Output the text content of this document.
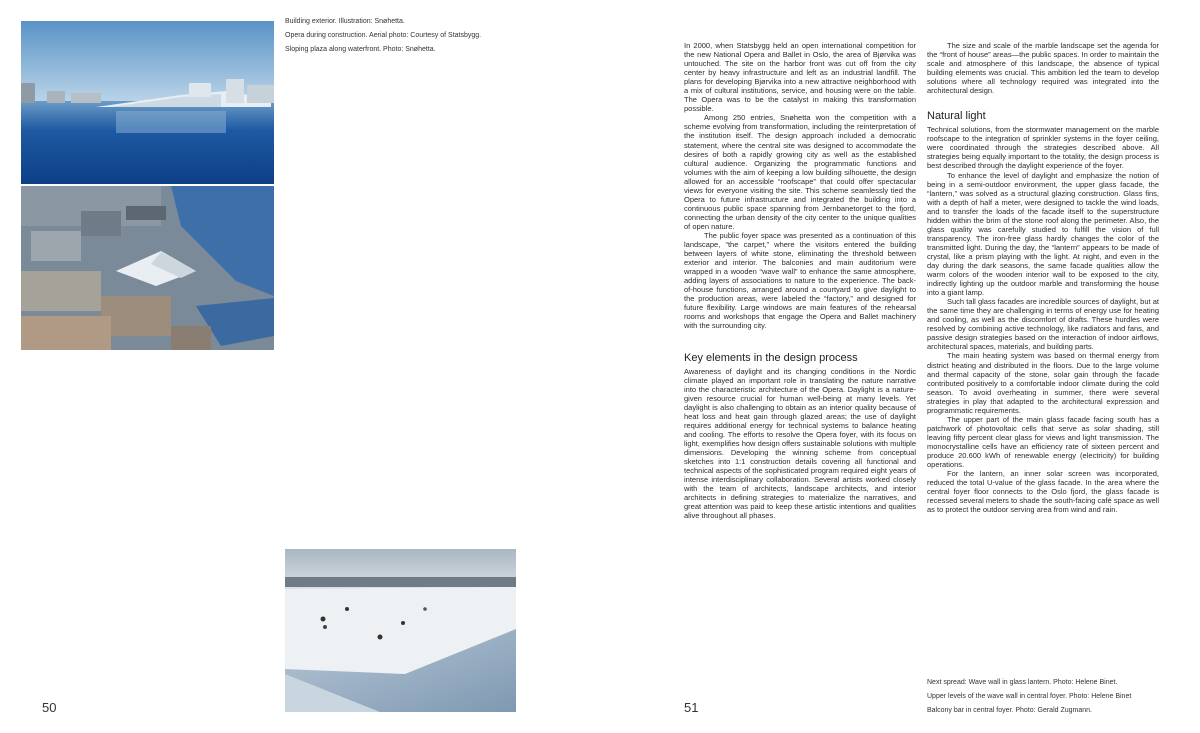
Building exterior. Illustration: Snøhetta.
Opera during construction. Aerial photo: Courtesy of Statsbygg.
Sloping plaza along waterfront. Photo: Snøhetta.
50

In 2000, when Statsbygg held an open international competition for the new National Opera and Ballet in Oslo, the area of Bjørvika was untouched. The site on the harbor front was cut off from the city center by heavy infrastructure and left as an industrial landfill. The plans for developing Bjørvika into a new attractive neighborhood with a mix of cultural institutions, service, and housing were on the table. The Opera was to be the catalyst in making this transformation possible.

Among 250 entries, Snøhetta won the competition with a scheme evolving from transformation, including the reinterpretation of the institution itself. The design approach included a democratic statement, where the central site was designed to accommodate the desires of both a rapidly growing city as well as the established cultural audience. Organizing the programmatic functions and volumes with the aim of keeping a low building silhouette, the design allowed for an accessible “roofscape” that could offer spectacular views for everyone visiting the site. This scheme seamlessly tied the Opera to future infrastructure and integrated the building into a continuous public space spanning from Jernbanetorget to the fjord, connecting the urban density of the city center to the unique qualities of open nature.

The public foyer space was presented as a continuation of this landscape, “the carpet,” where the visitors entered the building between layers of white stone, eliminating the threshold between exterior and interior. The balconies and main auditorium were wrapped in a wooden “wave wall” to enhance the same atmosphere, adding layers of associations to nature to the experience. The back-of-house functions, arranged around a courtyard to give daylight to the production areas, were labeled the “factory,” and designed for future flexibility. Large windows are main features of the rehearsal rooms and workshops that engage the Opera and Ballet machinery with the surrounding city.

Key elements in the design process

Awareness of daylight and its changing conditions in the Nordic climate played an important role in translating the nature narrative into the characteristic architecture of the Opera. Daylight is a nature-given resource crucial for human well-being at many levels. Yet daylight is also challenging to obtain as an interior quality because of heat loss and heat gain through glazed areas; the use of daylight requires additional energy for technical systems to balance heating and cooling. The efforts to resolve the Opera foyer, with its focus on light, exemplifies how design offers sustainable solutions with multiple dimensions. Developing the winning scheme from conceptual sketches into 1:1 construction details covering all functional and technical aspects of the sophisticated program required eight years of intense interdisciplinary collaboration. Several artists worked closely with the team of architects, landscape architects, and interior architects in defining strategies to materialize the narratives, and great attention was paid to keep these artistic intentions and qualities alive throughout all phases.

51

The size and scale of the marble landscape set the agenda for the “front of house” areas—the public spaces. In order to maintain the scale and atmosphere of this landscape, the absence of typical building elements was crucial. This ambition led the team to develop solutions where all technology required was integrated into the architectural design.

Natural light

Technical solutions, from the stormwater management on the marble roofscape to the integration of sprinkler systems in the foyer ceiling, were coordinated through the strategies described above. All strategies being equally important to the totality, the design process is best described through the daylight experience of the foyer.

To enhance the level of daylight and emphasize the notion of being in a semi-outdoor environment, the upper glass facade, the “lantern,” was solved as a structural glazing construction. Glass fins, with a depth of half a meter, were designed to tackle the wind loads, and to transfer the loads of the facade itself to the superstructure hidden within the brim of the stone roof along the perimeter. Also, the glass quality was carefully studied to fulfill the vision of full transparency. The iron-free glass hardly changes the color of the transmitted light. During the day, the “lantern” appears to be made of crystal, like a prism playing with the light. At night, and even in the day during the dark seasons, the same facade qualities allow the warm colors of the wooden interior wall to be exposed to the city, indirectly lighting up the outdoor marble and transforming the house into a giant lamp.

Such tall glass facades are incredible sources of daylight, but at the same time they are challenging in terms of energy use for heating and cooling, as well as the discomfort of drafts. These hurdles were resolved by combining active technology, like radiators and fans, and passive design strategies based on the interaction of indoor airflows, architectural spaces, materials, and building parts.

The main heating system was based on thermal energy from district heating and distributed in the floors. Due to the large volume and thermal capacity of the stone, solar gain through the facade contributed positively to a comfortable indoor climate during the cold season. To avoid overheating in summer, there were several strategies in play that adapted to the architectural expression and programmatic requirements.

The upper part of the main glass facade facing south has a patchwork of photovoltaic cells that serve as solar shading, still leaving fifty percent clear glass for views and light transmission. The monocrystalline cells have an efficiency rate of sixteen percent and produce 20.600 kWh of renewable energy (electricity) for building operations.

For the lantern, an inner solar screen was incorporated, reduced the total U-value of the glass facade. In the area where the central foyer floor connects to the Oslo fjord, the glass facade is recessed several meters to shade the south-facing café space as well as to protect the outdoor serving area from wind and rain.

Next spread: Wave wall in glass lantern. Photo: Helene Binet.
Upper levels of the wave wall in central foyer. Photo: Helene Binet
Balcony bar in central foyer. Photo: Gerald Zugmann.
